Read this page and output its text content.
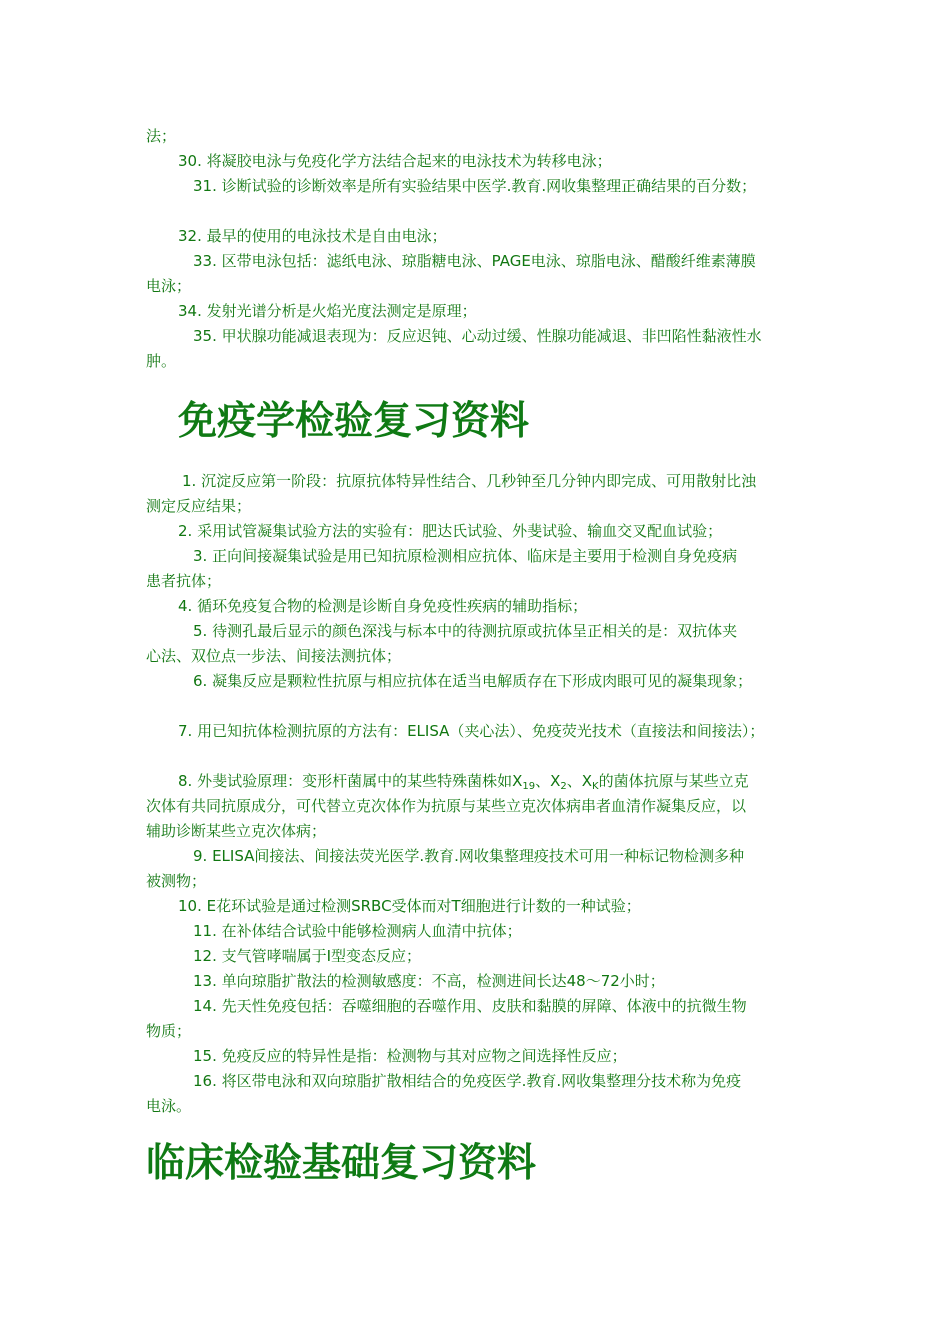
法；
30. 将凝胶电泳与免疫化学方法结合起来的电泳技术为转移电泳；
31. 诊断试验的诊断效率是所有实验结果中医学.教育.网收集整理正确结果的百分数；
32. 最早的使用的电泳技术是自由电泳；
33. 区带电泳包括：滤纸电泳、琼脂糖电泳、PAGE电泳、琼脂电泳、醋酸纤维素薄膜
电泳；
34. 发射光谱分析是火焰光度法测定是原理；
35. 甲状腺功能减退表现为：反应迟钝、心动过缓、性腺功能减退、非凹陷性黏液性水
肿。
免疫学检验复习资料
1. 沉淀反应第一阶段：抗原抗体特异性结合、几秒钟至几分钟内即完成、可用散射比浊
测定反应结果；
2. 采用试管凝集试验方法的实验有：肥达氏试验、外斐试验、输血交叉配血试验；
3. 正向间接凝集试验是用已知抗原检测相应抗体、临床是主要用于检测自身免疫病
患者抗体；
4. 循环免疫复合物的检测是诊断自身免疫性疾病的辅助指标；
5. 待测孔最后显示的颜色深浅与标本中的待测抗原或抗体呈正相关的是：双抗体夹
心法、双位点一步法、间接法测抗体；
6. 凝集反应是颗粒性抗原与相应抗体在适当电解质存在下形成肉眼可见的凝集现象；
7. 用已知抗体检测抗原的方法有：ELISA（夹心法）、免疫荧光技术（直接法和间接法）；
8. 外斐试验原理：变形杆菌属中的某些特殊菌株如$X_{19}$、$X_2$、$X_K$的菌体抗原与某些立克
次体有共同抗原成分，可代替立克次体作为抗原与某些立克次体病串者血清作凝集反应，以
辅助诊断某些立克次体病；
9. ELISA间接法、间接法荧光医学.教育.网收集整理疫技术可用一种标记物检测多种
被测物；
10. E花环试验是通过检测SRBC受体而对T细胞进行计数的一种试验；
11. 在补体结合试验中能够检测病人血清中抗体；
12. 支气管哮喘属于I型变态反应；
13. 单向琼脂扩散法的检测敏感度：不高，检测进间长达48～72小时；
14. 先天性免疫包括：吞噬细胞的吞噬作用、皮肤和黏膜的屏障、体液中的抗微生物
物质；
15. 免疫反应的特异性是指：检测物与其对应物之间选择性反应；
16. 将区带电泳和双向琼脂扩散相结合的免疫医学.教育.网收集整理分技术称为免疫
电泳。
临床检验基础复习资料
